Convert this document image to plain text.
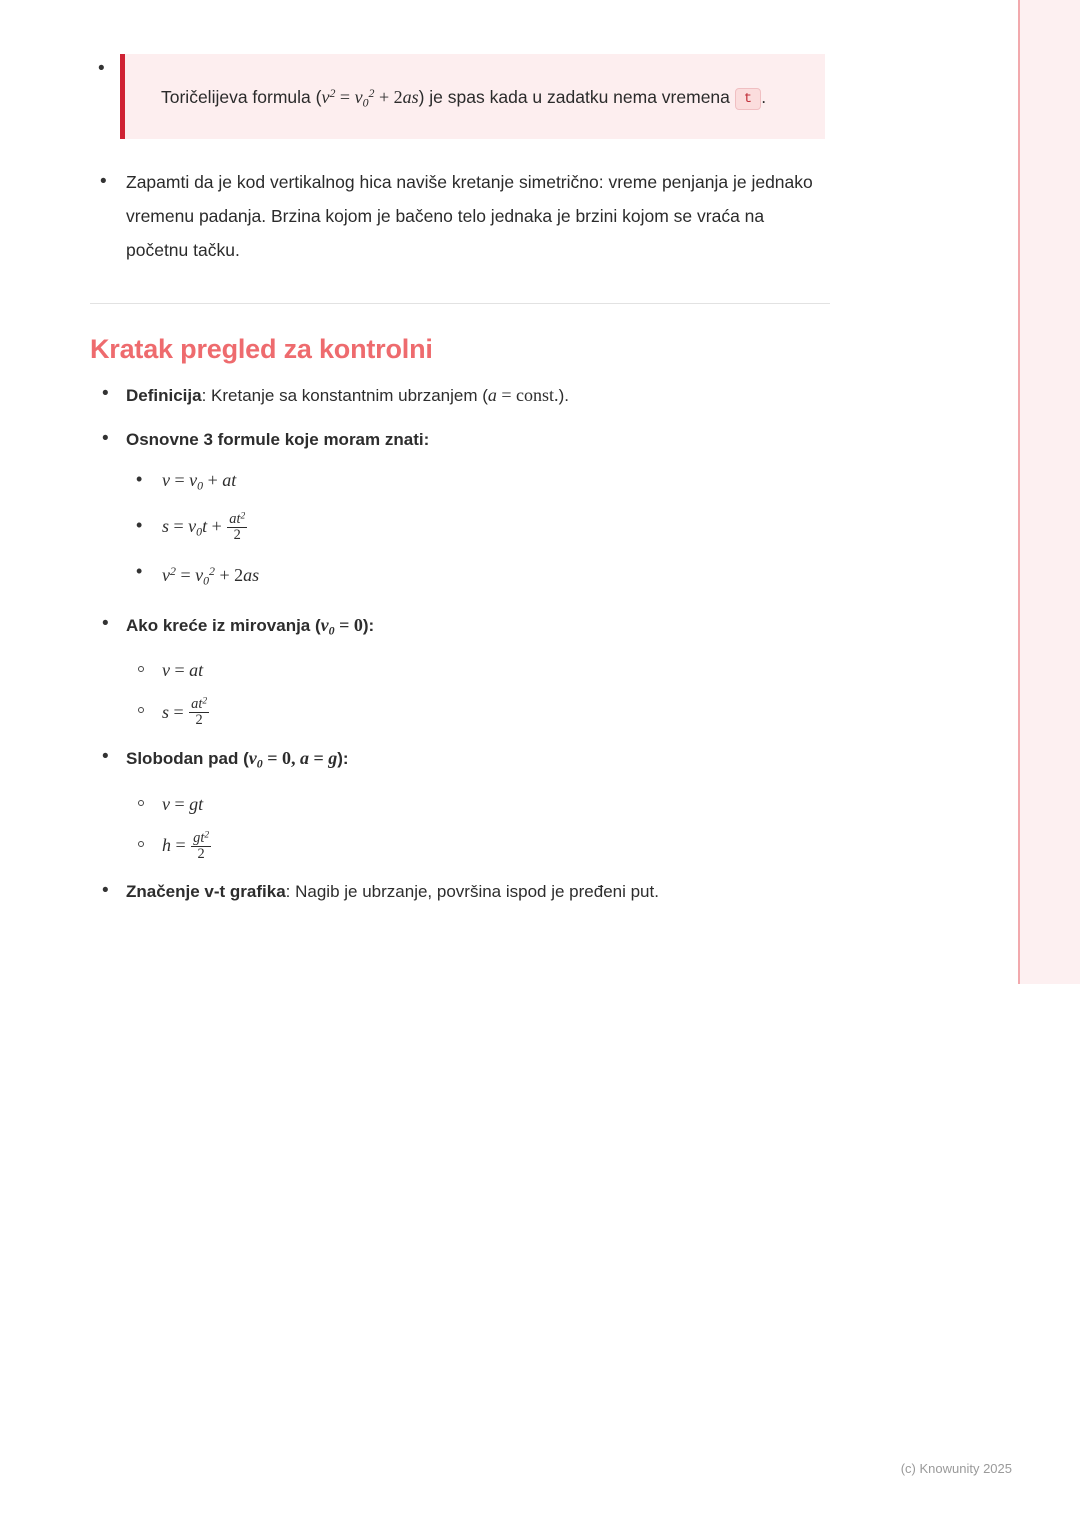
•
Toričelijeva formula $(v^2 = v_0^2 + 2as)$ je spas kada u zadatku nema vremena t .
• Zapamti da je kod vertikalnog hica naviše kretanje simetrično: vreme penjanja je jednako vremenu padanja. Brzina kojom je bačeno telo jednaka je brzini kojom se vraća na početnu tačku.
Kratak pregled za kontrolni
• Definicija: Kretanje sa konstantnim ubrzanjem (a = const.).
• Osnovne 3 formule koje moram znati:
• $v = v_0$ + at
• $s = v_0t + \frac{at^2}{2}$
• $v^2 = v_0^2 + 2as$
• Ako kreće iz mirovanja $(v_0 = 0)$:
v = at
$s = \frac{at^2}{2}$
• Slobodan pad ($v_0 = 0$, a = g):
v = gt
$h = \frac{gt^2}{2}$
• Značenje v-t grafika: Nagib je ubrzanje, površina ispod je pređeni put.
(c) Knowunity 2025
